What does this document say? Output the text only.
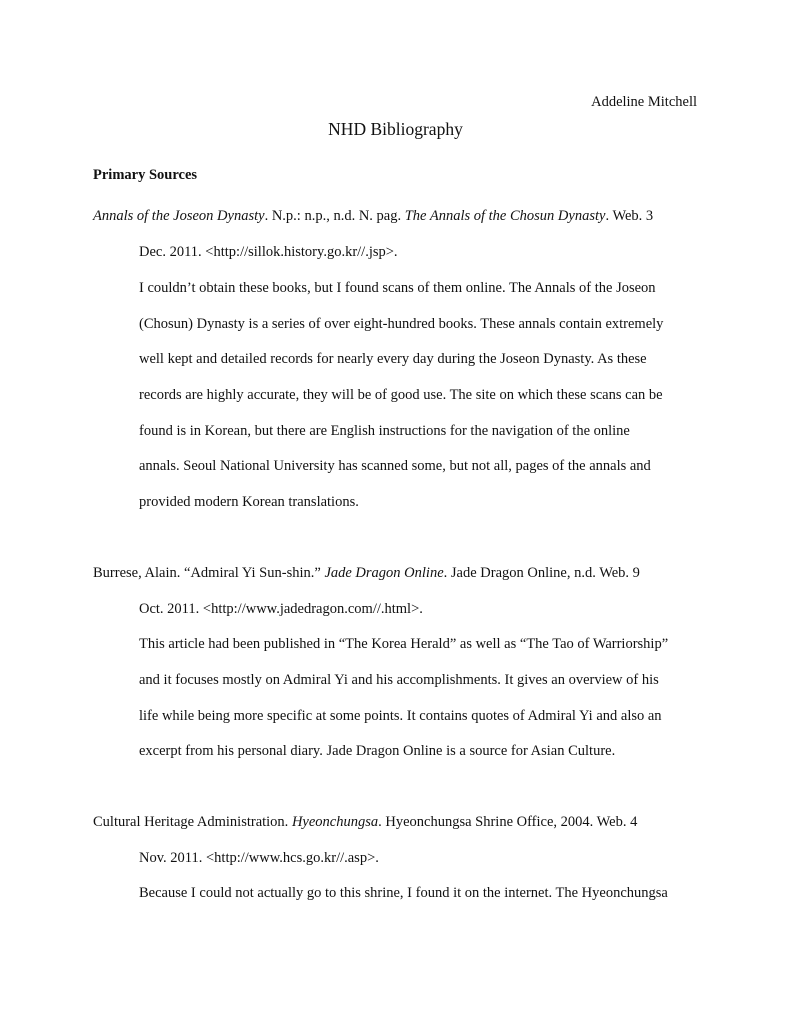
Addeline Mitchell
NHD Bibliography
Primary Sources
Annals of the Joseon Dynasty. N.p.: n.p., n.d. N. pag. The Annals of the Chosun Dynasty. Web. 3
Dec. 2011. <http://sillok.history.go.kr//.jsp>.
I couldn’t obtain these books, but I found scans of them online. The Annals of the Joseon
(Chosun) Dynasty is a series of over eight-hundred books. These annals contain extremely
well kept and detailed records for nearly every day during the Joseon Dynasty. As these
records are highly accurate, they will be of good use. The site on which these scans can be
found is in Korean, but there are English instructions for the navigation of the online
annals. Seoul National University has scanned some, but not all, pages of the annals and
provided modern Korean translations.
Burrese, Alain. “Admiral Yi Sun-shin.” Jade Dragon Online. Jade Dragon Online, n.d. Web. 9
Oct. 2011. <http://www.jadedragon.com//.html>.
This article had been published in “The Korea Herald” as well as “The Tao of Warriorship”
and it focuses mostly on Admiral Yi and his accomplishments. It gives an overview of his
life while being more specific at some points. It contains quotes of Admiral Yi and also an
excerpt from his personal diary. Jade Dragon Online is a source for Asian Culture.
Cultural Heritage Administration. Hyeonchungsa. Hyeonchungsa Shrine Office, 2004. Web. 4
Nov. 2011. <http://www.hcs.go.kr//.asp>.
Because I could not actually go to this shrine, I found it on the internet. The Hyeonchungsa
